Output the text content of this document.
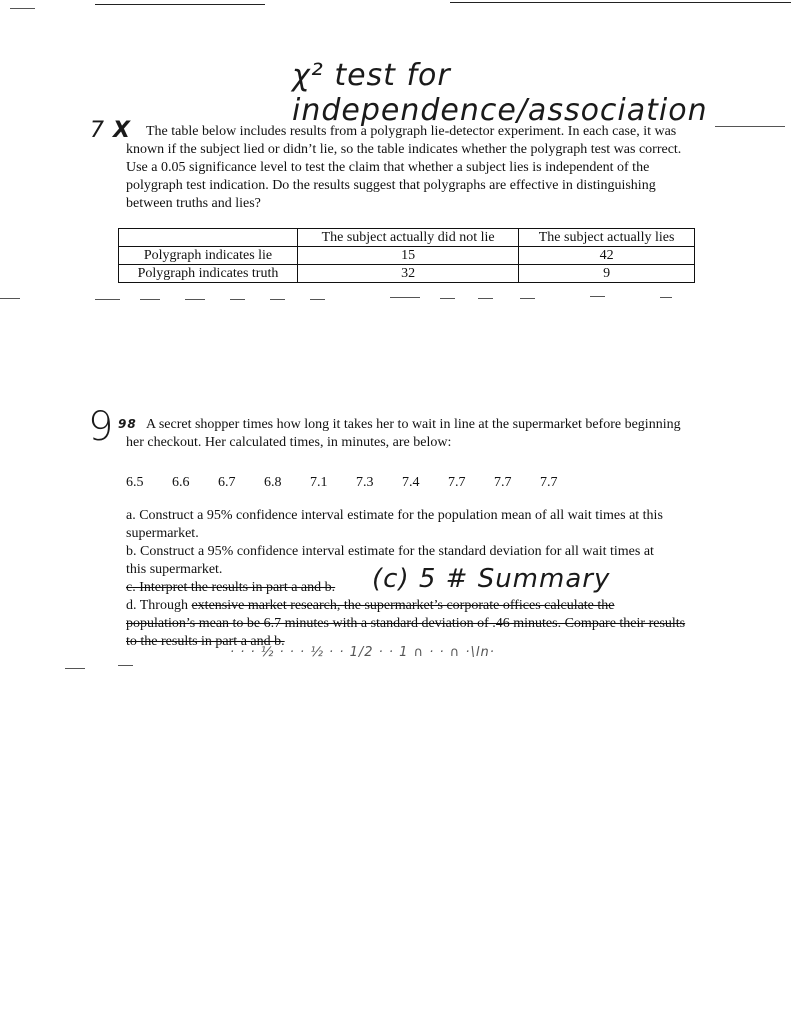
χ² test for independence/association
7 X	The table below includes results from a polygraph lie-detector experiment. In each case, it was known if the subject lied or didn’t lie, so the table indicates whether the polygraph test was correct. Use a 0.05 significance level to test the claim that whether a subject lies is independent of the polygraph test indication. Do the results suggest that polygraphs are effective in distinguishing between truths and lies?
	The subject actually did not lie	The subject actually lies
Polygraph indicates lie	15	42
Polygraph indicates truth	32	9
9 98 A secret shopper times how long it takes her to wait in line at the supermarket before beginning her checkout. Her calculated times, in minutes, are below:
6.5 6.6 6.7 6.8 7.1 7.3 7.4 7.7 7.7 7.7
a. Construct a 95% confidence interval estimate for the population mean of all wait times at this supermarket.
b. Construct a 95% confidence interval estimate for the standard deviation for all wait times at this supermarket.
c. Interpret the results in part a and b.	(c) 5 # Summary
d. Through extensive market research, the supermarket’s corporate offices calculate the population’s mean to be 6.7 minutes with a standard deviation of .46 minutes. Compare their results to the results in part a and b.
· · · ½ · · · ½ · · 1/2 · · 1 ∩ · · ∩ ·\ln·
